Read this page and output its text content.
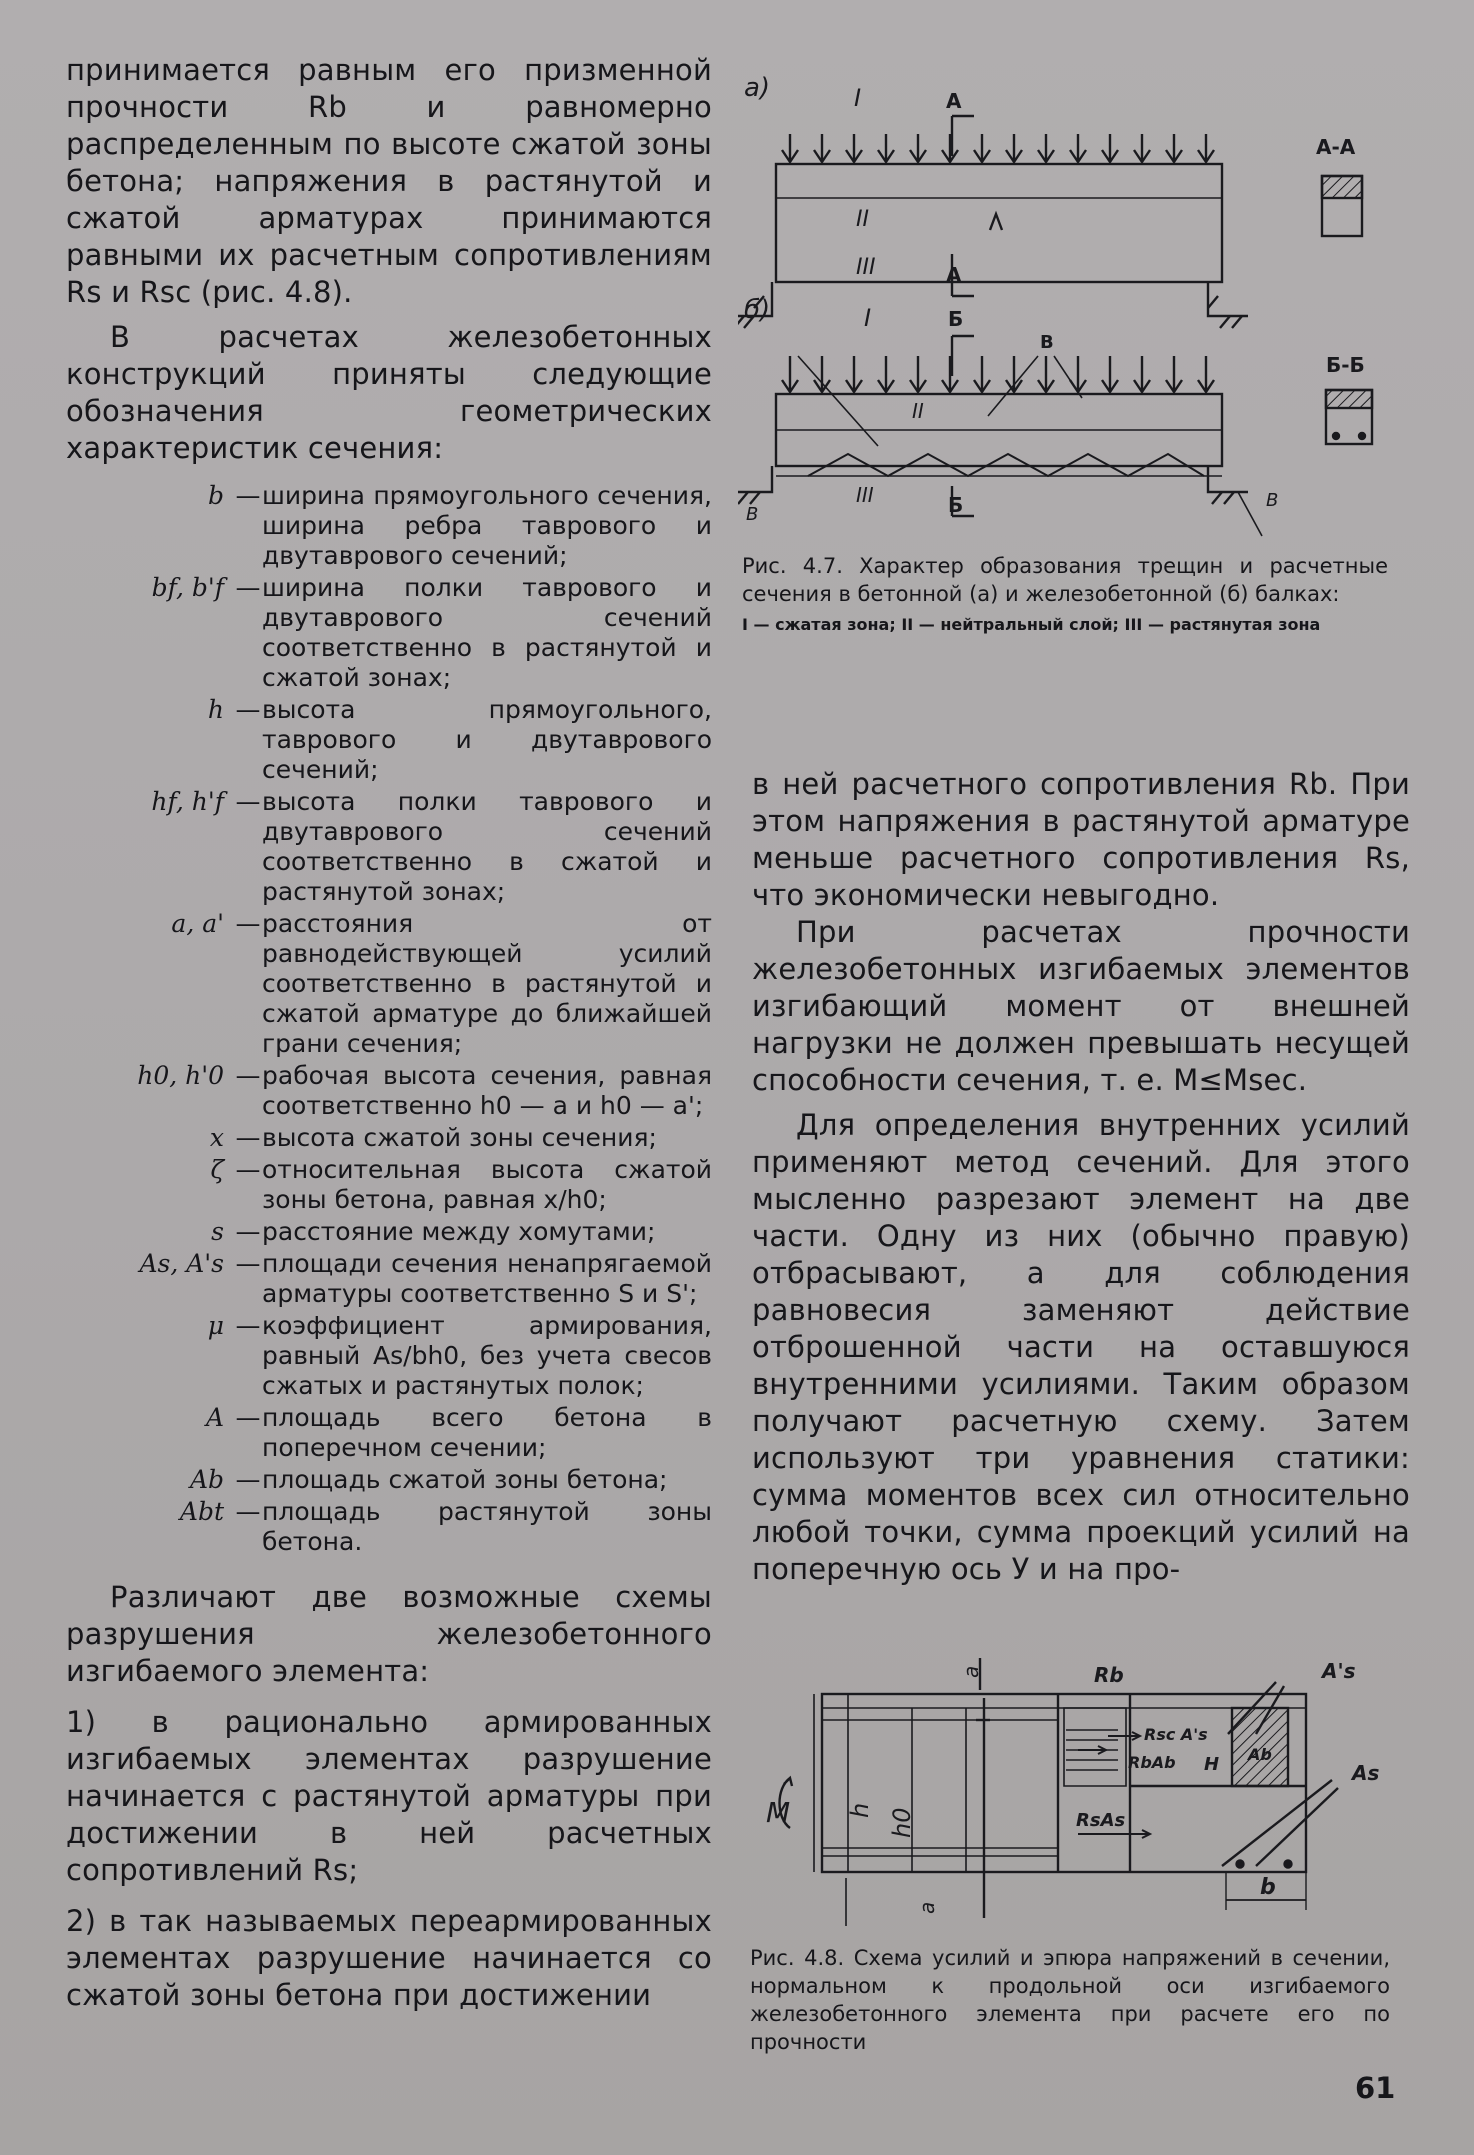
принимается равным его призменной прочности Rb и равномерно распределенным по высоте сжатой зоны бетона; напряжения в растянутой и сжатой арматурах принимаются равными их расчетным сопротивлениям Rs и Rsc (рис. 4.8).

В расчетах железобетонных конструкций приняты следующие обозначения геометрических характеристик сечения:

b — ширина прямоугольного сечения, ширина ребра таврового и двутаврового сечений;
bf, b'f — ширина полки таврового и двутаврового сечений соответственно в растянутой и сжатой зонах;
h — высота прямоугольного, таврового и двутаврового сечений;
hf, h'f — высота полки таврового и двутаврового сечений соответственно в сжатой и растянутой зонах;
a, a' — расстояния от равнодействующей усилий соответственно в растянутой и сжатой арматуре до ближайшей грани сечения;
h0, h'0 — рабочая высота сечения, равная соответственно h0 — a и h0 — a';
x — высота сжатой зоны сечения;
ζ — относительная высота сжатой зоны бетона, равная x/h0;
s — расстояние между хомутами;
As, A's — площади сечения ненапрягаемой арматуры соответственно S и S';
μ — коэффициент армирования, равный As/bh0, без учета свесов сжатых и растянутых полок;
A — площадь всего бетона в поперечном сечении;
Ab — площадь сжатой зоны бетона;
Abt — площадь растянутой зоны бетона.

Различают две возможные схемы разрушения железобетонного изгибаемого элемента:

1) в рационально армированных изгибаемых элементах разрушение начинается с растянутой арматуры при достижении в ней расчетных сопротивлений Rs;

2) в так называемых переармированных элементах разрушение начинается со сжатой зоны бетона при достижении

а)	I	А
II
III	А
А-А
б)	I	Б
В
II
III	Б
В
В
Б-Б
Рис. 4.7. Характер образования трещин и расчетные сечения в бетонной (а) и железобетонной (б) балках:
I — сжатая зона; II — нейтральный слой; III — растянутая зона

в ней расчетного сопротивления Rb. При этом напряжения в растянутой арматуре меньше расчетного сопротивления Rs, что экономически невыгодно.

При расчетах прочности железобетонных изгибаемых элементов изгибающий момент от внешней нагрузки не должен превышать несущей способности сечения, т. е. M≤Msec.

Для определения внутренних усилий применяют метод сечений. Для этого мысленно разрезают элемент на две части. Одну из них (обычно правую) отбрасывают, а для соблюдения равновесия заменяют действие отброшенной части на оставшуюся внутренними усилиями. Таким образом получают расчетную схему. Затем используют три уравнения статики: сумма моментов всех сил относительно любой точки, сумма проекций усилий на поперечную ось У и на про-

M h h0
a
a
Rb
Rsc A's
RbAb H
RsAs
Ab
A's
As
b
Рис. 4.8. Схема усилий и эпюра напряжений в сечении, нормальном к продольной оси изгибаемого железобетонного элемента при расчете его по прочности
61
